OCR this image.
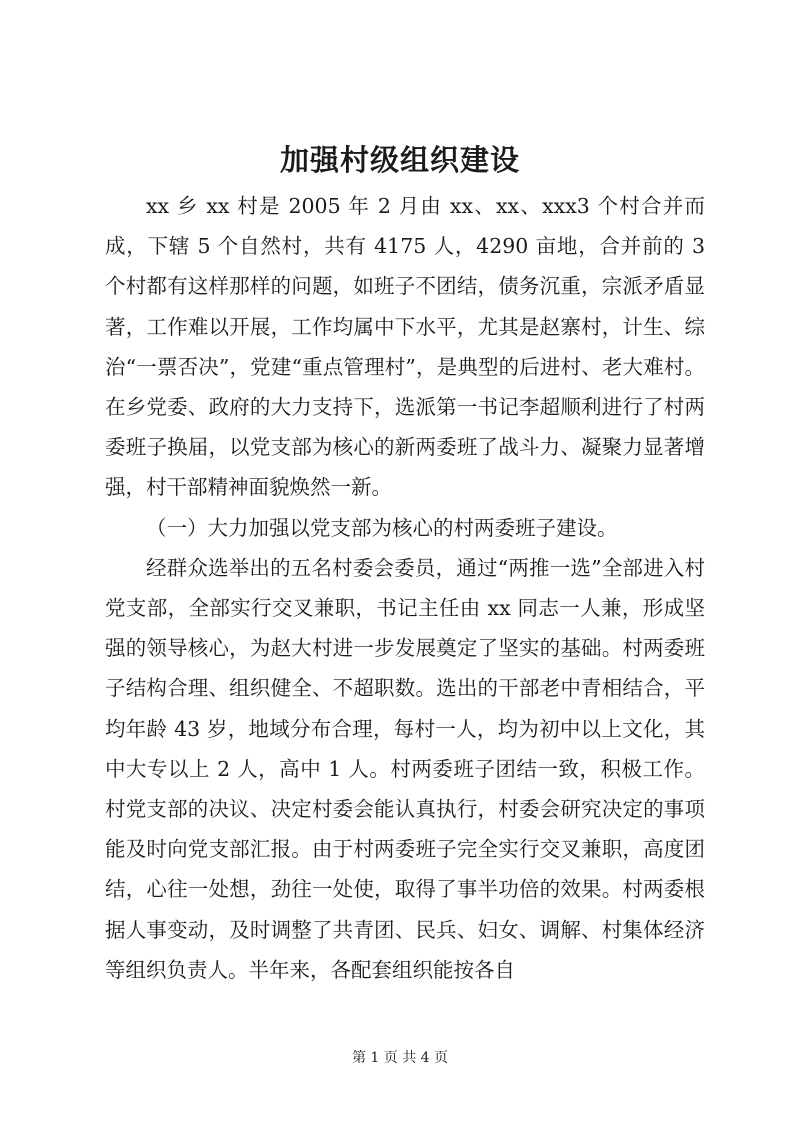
加强村级组织建设

xx 乡 xx 村是 2005 年 2 月由 xx、xx、xxx3 个村合并而成，下辖 5 个自然村，共有 4175 人，4290 亩地，合并前的 3 个村都有这样那样的问题，如班子不团结，债务沉重，宗派矛盾显著，工作难以开展，工作均属中下水平，尤其是赵寨村，计生、综治“一票否决”，党建“重点管理村”，是典型的后进村、老大难村。在乡党委、政府的大力支持下，选派第一书记李超顺利进行了村两委班子换届，以党支部为核心的新两委班了战斗力、凝聚力显著增强，村干部精神面貌焕然一新。

（一）大力加强以党支部为核心的村两委班子建设。

经群众选举出的五名村委会委员，通过“两推一选”全部进入村党支部，全部实行交叉兼职，书记主任由 xx 同志一人兼，形成坚强的领导核心，为赵大村进一步发展奠定了坚实的基础。村两委班子结构合理、组织健全、不超职数。选出的干部老中青相结合，平均年龄 43 岁，地域分布合理，每村一人，均为初中以上文化，其中大专以上 2 人，高中 1 人。村两委班子团结一致，积极工作。村党支部的决议、决定村委会能认真执行，村委会研究决定的事项能及时向党支部汇报。由于村两委班子完全实行交叉兼职，高度团结，心往一处想，劲往一处使，取得了事半功倍的效果。村两委根据人事变动，及时调整了共青团、民兵、妇女、调解、村集体经济等组织负责人。半年来，各配套组织能按各自

第 1 页 共 4 页
